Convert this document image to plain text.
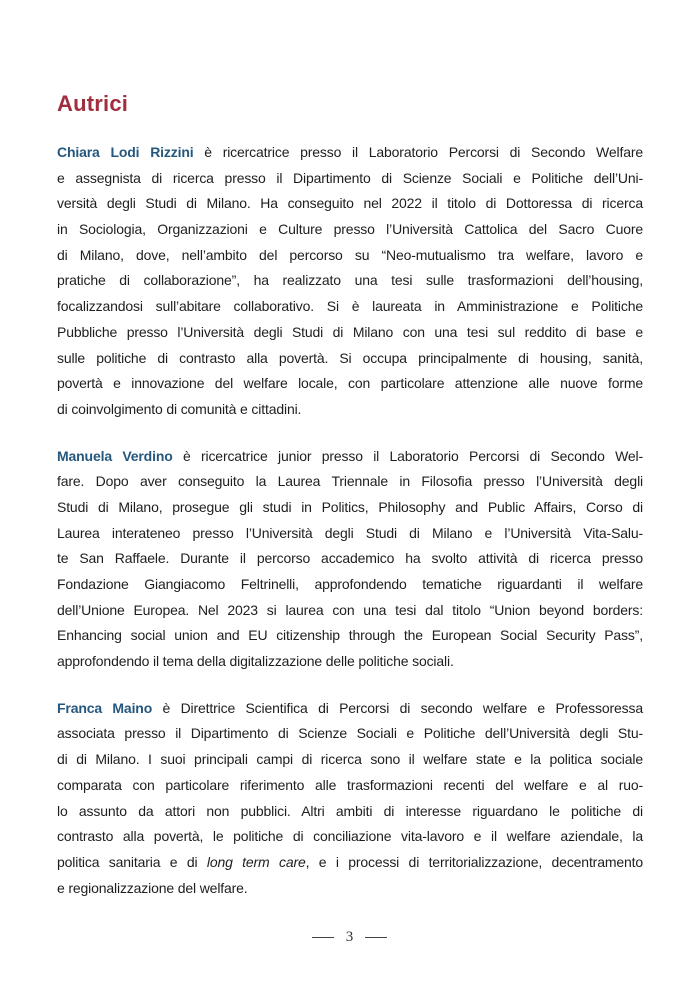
Autrici
Chiara Lodi Rizzini è ricercatrice presso il Laboratorio Percorsi di Secondo Welfare
e assegnista di ricerca presso il Dipartimento di Scienze Sociali e Politiche dell’Uni-
versità degli Studi di Milano. Ha conseguito nel 2022 il titolo di Dottoressa di ricerca
in Sociologia, Organizzazioni e Culture presso l’Università Cattolica del Sacro Cuore
di Milano, dove, nell’ambito del percorso su “Neo-mutualismo tra welfare, lavoro e
pratiche di collaborazione”, ha realizzato una tesi sulle trasformazioni dell’housing,
focalizzandosi sull’abitare collaborativo. Si è laureata in Amministrazione e Politiche
Pubbliche presso l’Università degli Studi di Milano con una tesi sul reddito di base e
sulle politiche di contrasto alla povertà. Si occupa principalmente di housing, sanità,
povertà e innovazione del welfare locale, con particolare attenzione alle nuove forme
di coinvolgimento di comunità e cittadini.
Manuela Verdino è ricercatrice junior presso il Laboratorio Percorsi di Secondo Wel-
fare. Dopo aver conseguito la Laurea Triennale in Filosofia presso l’Università degli
Studi di Milano, prosegue gli studi in Politics, Philosophy and Public Affairs, Corso di
Laurea interateneo presso l’Università degli Studi di Milano e l’Università Vita-Salu-
te San Raffaele. Durante il percorso accademico ha svolto attività di ricerca presso
Fondazione Giangiacomo Feltrinelli, approfondendo tematiche riguardanti il welfare
dell’Unione Europea. Nel 2023 si laurea con una tesi dal titolo “Union beyond borders:
Enhancing social union and EU citizenship through the European Social Security Pass”,
approfondendo il tema della digitalizzazione delle politiche sociali.
Franca Maino è Direttrice Scientifica di Percorsi di secondo welfare e Professoressa
associata presso il Dipartimento di Scienze Sociali e Politiche dell’Università degli Stu-
di di Milano. I suoi principali campi di ricerca sono il welfare state e la politica sociale
comparata con particolare riferimento alle trasformazioni recenti del welfare e al ruo-
lo assunto da attori non pubblici. Altri ambiti di interesse riguardano le politiche di
contrasto alla povertà, le politiche di conciliazione vita-lavoro e il welfare aziendale, la
politica sanitaria e di long term care, e i processi di territorializzazione, decentramento
e regionalizzazione del welfare.
3
